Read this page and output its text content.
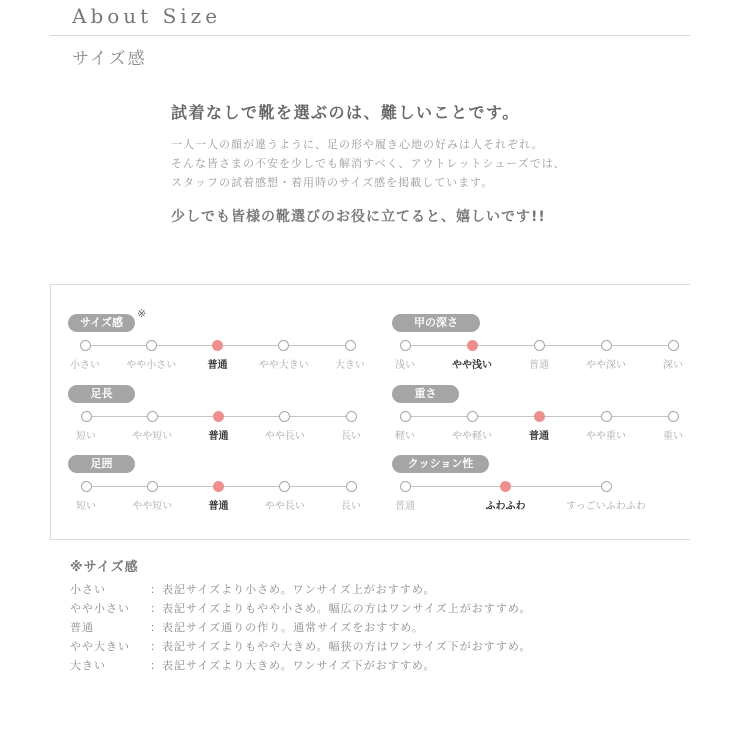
About Size
サイズ感
試着なしで靴を選ぶのは、難しいことです。
一人一人の顔が違うように、足の形や履き心地の好みは人それぞれ。
そんな皆さまの不安を少しでも解消すべく、アウトレットシューズでは、
スタッフの試着感想・着用時のサイズ感を掲載しています。
少しでも皆様の靴選びのお役に立てると、嬉しいです!!
サイズ感
※
小さい	やや小さい	普通	やや大きい	大きい
甲の深さ
浅い	やや浅い	普通	やや深い	深い
足長
短い	やや短い	普通	やや長い	長い
重さ
軽い	やや軽い	普通	やや重い	重い
足囲
短い	やや短い	普通	やや長い	長い
クッション性
普通	ふわふわ	すっごいふわふわ
※サイズ感
小さい	：表記サイズより小さめ。ワンサイズ上がおすすめ。
やや小さい ：表記サイズよりもやや小さめ。幅広の方はワンサイズ上がおすすめ。
普通	：表記サイズ通りの作り。通常サイズをおすすめ。
やや大きい ：表記サイズよりもやや大きめ。幅狭の方はワンサイズ下がおすすめ。
大きい	：表記サイズより大きめ。ワンサイズ下がおすすめ。
